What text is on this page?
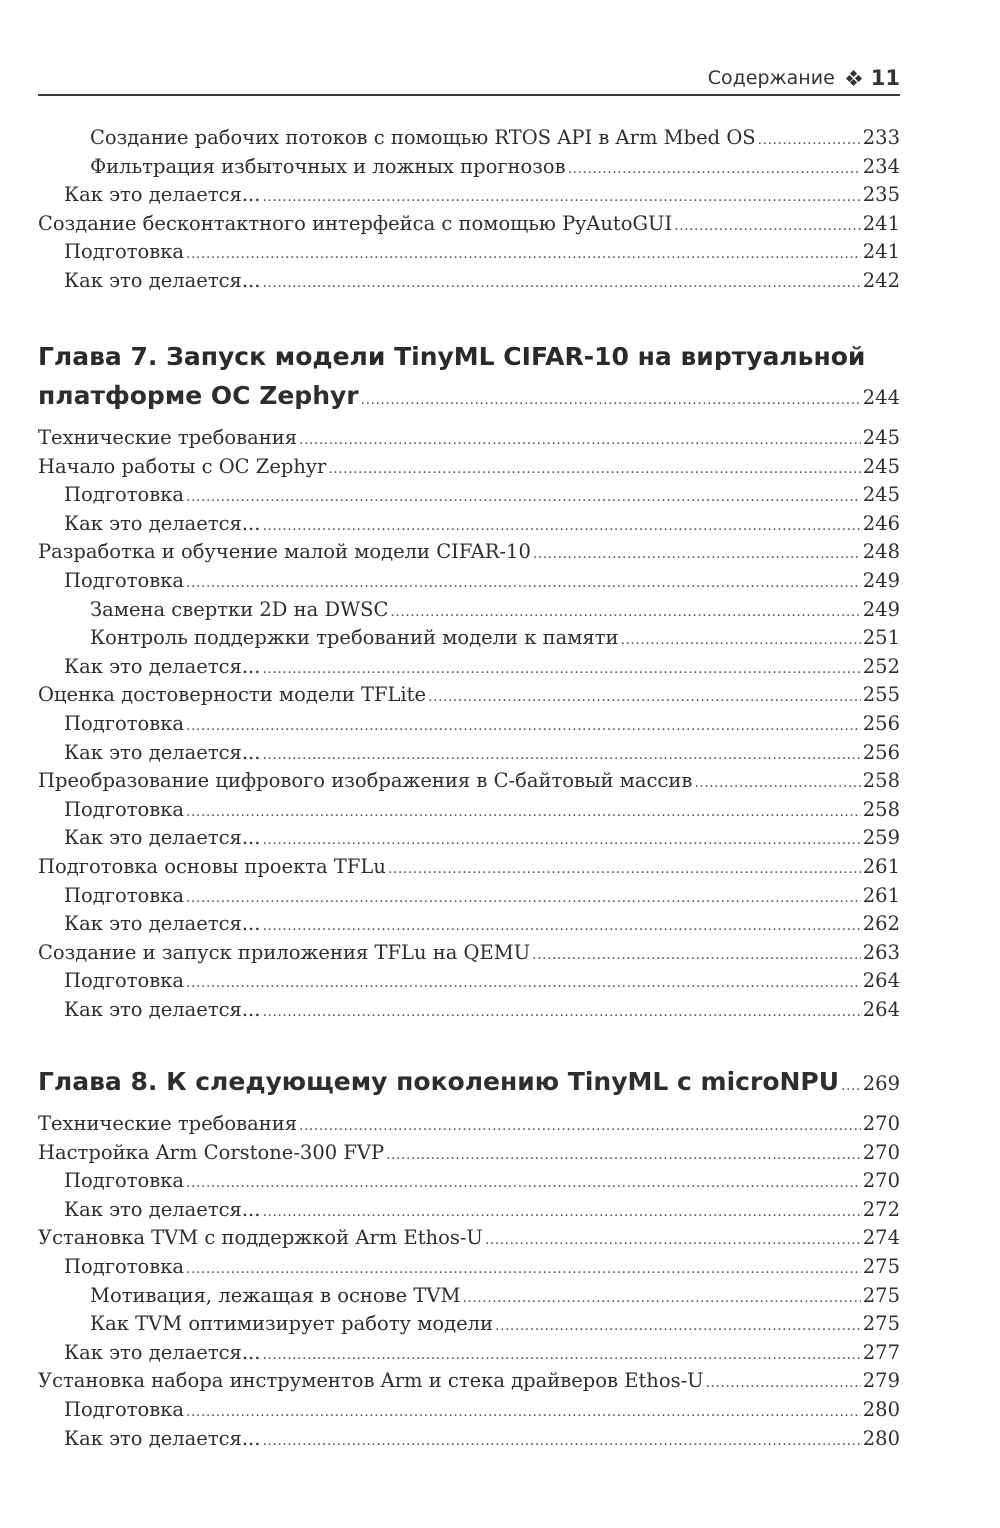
Содержание 11
Создание рабочих потоков с помощью RTOS API в Arm Mbed OS .....	233
Фильтрация избыточных и ложных прогнозов .....	234
Как это делается... .....	235
Создание бесконтактного интерфейса с помощью PyAutoGUI .....	241
Подготовка .....	241
Как это делается... .....	242
Глава 7. Запуск модели TinyML CIFAR-10 на виртуальной
платформе ОС Zephyr .....	244
Технические требования .....	245
Начало работы с ОС Zephyr .....	245
Подготовка .....	245
Как это делается... .....	246
Разработка и обучение малой модели CIFAR-10 .....	248
Подготовка .....	249
Замена свертки 2D на DWSC .....	249
Контроль поддержки требований модели к памяти .....	251
Как это делается... .....	252
Оценка достоверности модели TFLite .....	255
Подготовка .....	256
Как это делается... .....	256
Преобразование цифрового изображения в С-байтовый массив .....	258
Подготовка .....	258
Как это делается... .....	259
Подготовка основы проекта TFLu .....	261
Подготовка .....	261
Как это делается... .....	262
Создание и запуск приложения TFLu на QEMU .....	263
Подготовка .....	264
Как это делается... .....	264
Глава 8. К следующему поколению TinyML с microNPU ..... 269
Технические требования .....	270
Настройка Arm Corstone-300 FVP .....	270
Подготовка .....	270
Как это делается... .....	272
Установка TVM с поддержкой Arm Ethos-U .....	274
Подготовка .....	275
Мотивация, лежащая в основе TVM .....	275
Как TVM оптимизирует работу модели .....	275
Как это делается... .....	277
Установка набора инструментов Arm и стека драйверов Ethos-U .....	279
Подготовка .....	280
Как это делается... .....	280
